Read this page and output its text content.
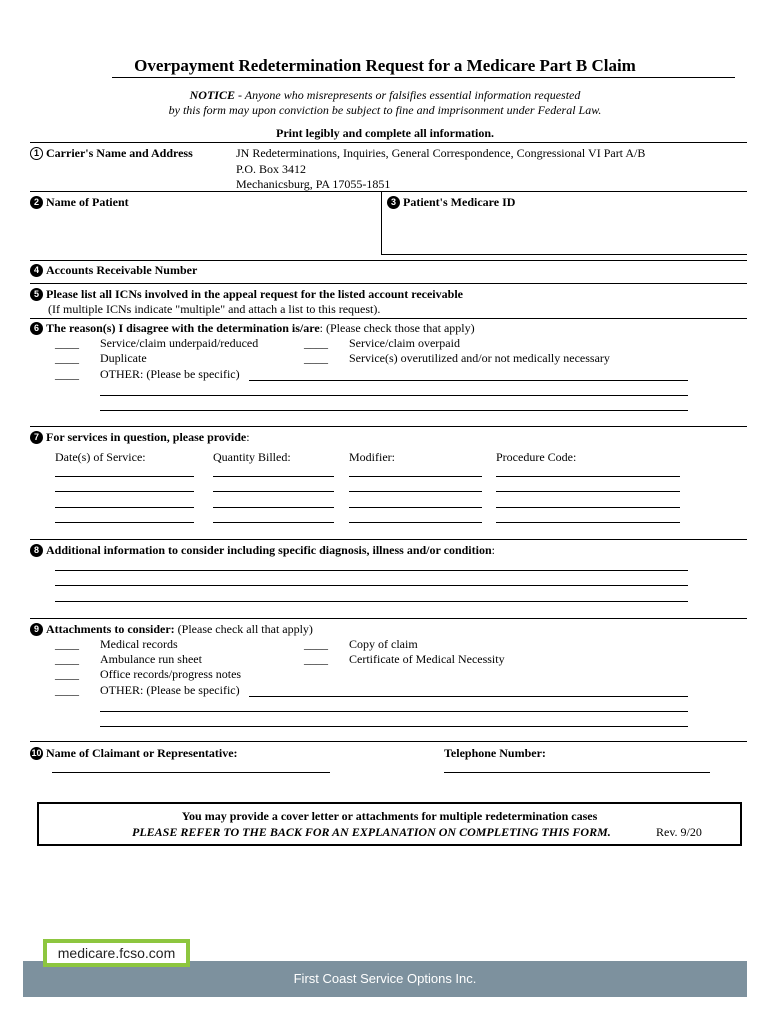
Overpayment Redetermination Request for a Medicare Part B Claim
NOTICE - Anyone who misrepresents or falsifies essential information requested
by this form may upon conviction be subject to fine and imprisonment under Federal Law.
Print legibly and complete all information.
1 Carrier's Name and Address	JN Redeterminations, Inquiries, General Correspondence, Congressional VI Part A/B
P.O. Box 3412
Mechanicsburg, PA 17055-1851
2 Name of Patient	3 Patient's Medicare ID
4 Accounts Receivable Number
5 Please list all ICNs involved in the appeal request for the listed account receivable
(If multiple ICNs indicate "multiple" and attach a list to this request).
6 The reason(s) I disagree with the determination is/are: (Please check those that apply)
____ Service/claim underpaid/reduced	____ Service/claim overpaid
____ Duplicate	____ Service(s) overutilized and/or not medically necessary
____ OTHER: (Please be specific)
7 For services in question, please provide:
Date(s) of Service:	Quantity Billed:	Modifier:	Procedure Code:
8 Additional information to consider including specific diagnosis, illness and/or condition:
9 Attachments to consider: (Please check all that apply)
____ Medical records	____ Copy of claim
____ Ambulance run sheet	____ Certificate of Medical Necessity
____ Office records/progress notes
____ OTHER: (Please be specific)
10 Name of Claimant or Representative:	Telephone Number:
You may provide a cover letter or attachments for multiple redetermination cases
PLEASE REFER TO THE BACK FOR AN EXPLANATION ON COMPLETING THIS FORM.	Rev. 9/20
First Coast Service Options Inc.
medicare.fcso.com
